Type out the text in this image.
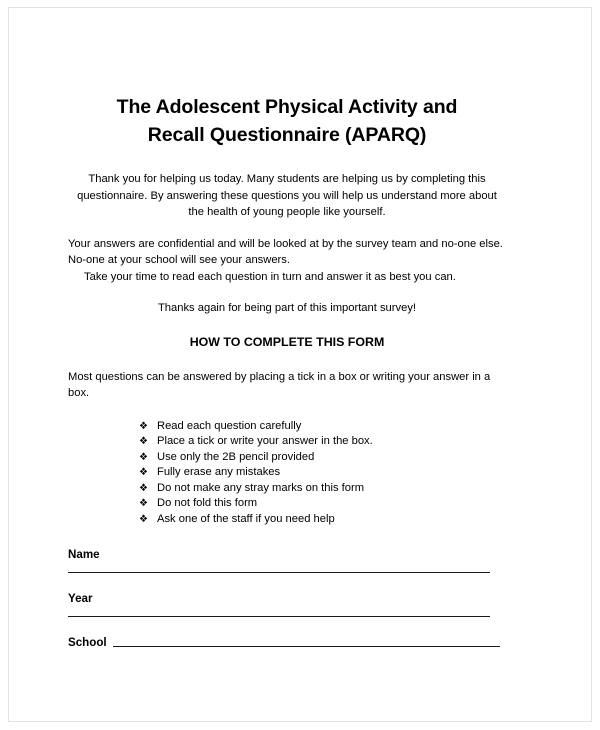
The Adolescent Physical Activity and
Recall Questionnaire (APARQ)

Thank you for helping us today. Many students are helping us by completing this questionnaire. By answering these questions you will help us understand more about the health of young people like yourself.

Your answers are confidential and will be looked at by the survey team and no-one else. No-one at your school will see your answers.

Take your time to read each question in turn and answer it as best you can.

Thanks again for being part of this important survey!

HOW TO COMPLETE THIS FORM

Most questions can be answered by placing a tick in a box or writing your answer in a box.

❖ Read each question carefully
❖ Place a tick or write your answer in the box.
❖ Use only the 2B pencil provided
❖ Fully erase any mistakes
❖ Do not make any stray marks on this form
❖ Do not fold this form
❖ Ask one of the staff if you need help
Name
Year
School
